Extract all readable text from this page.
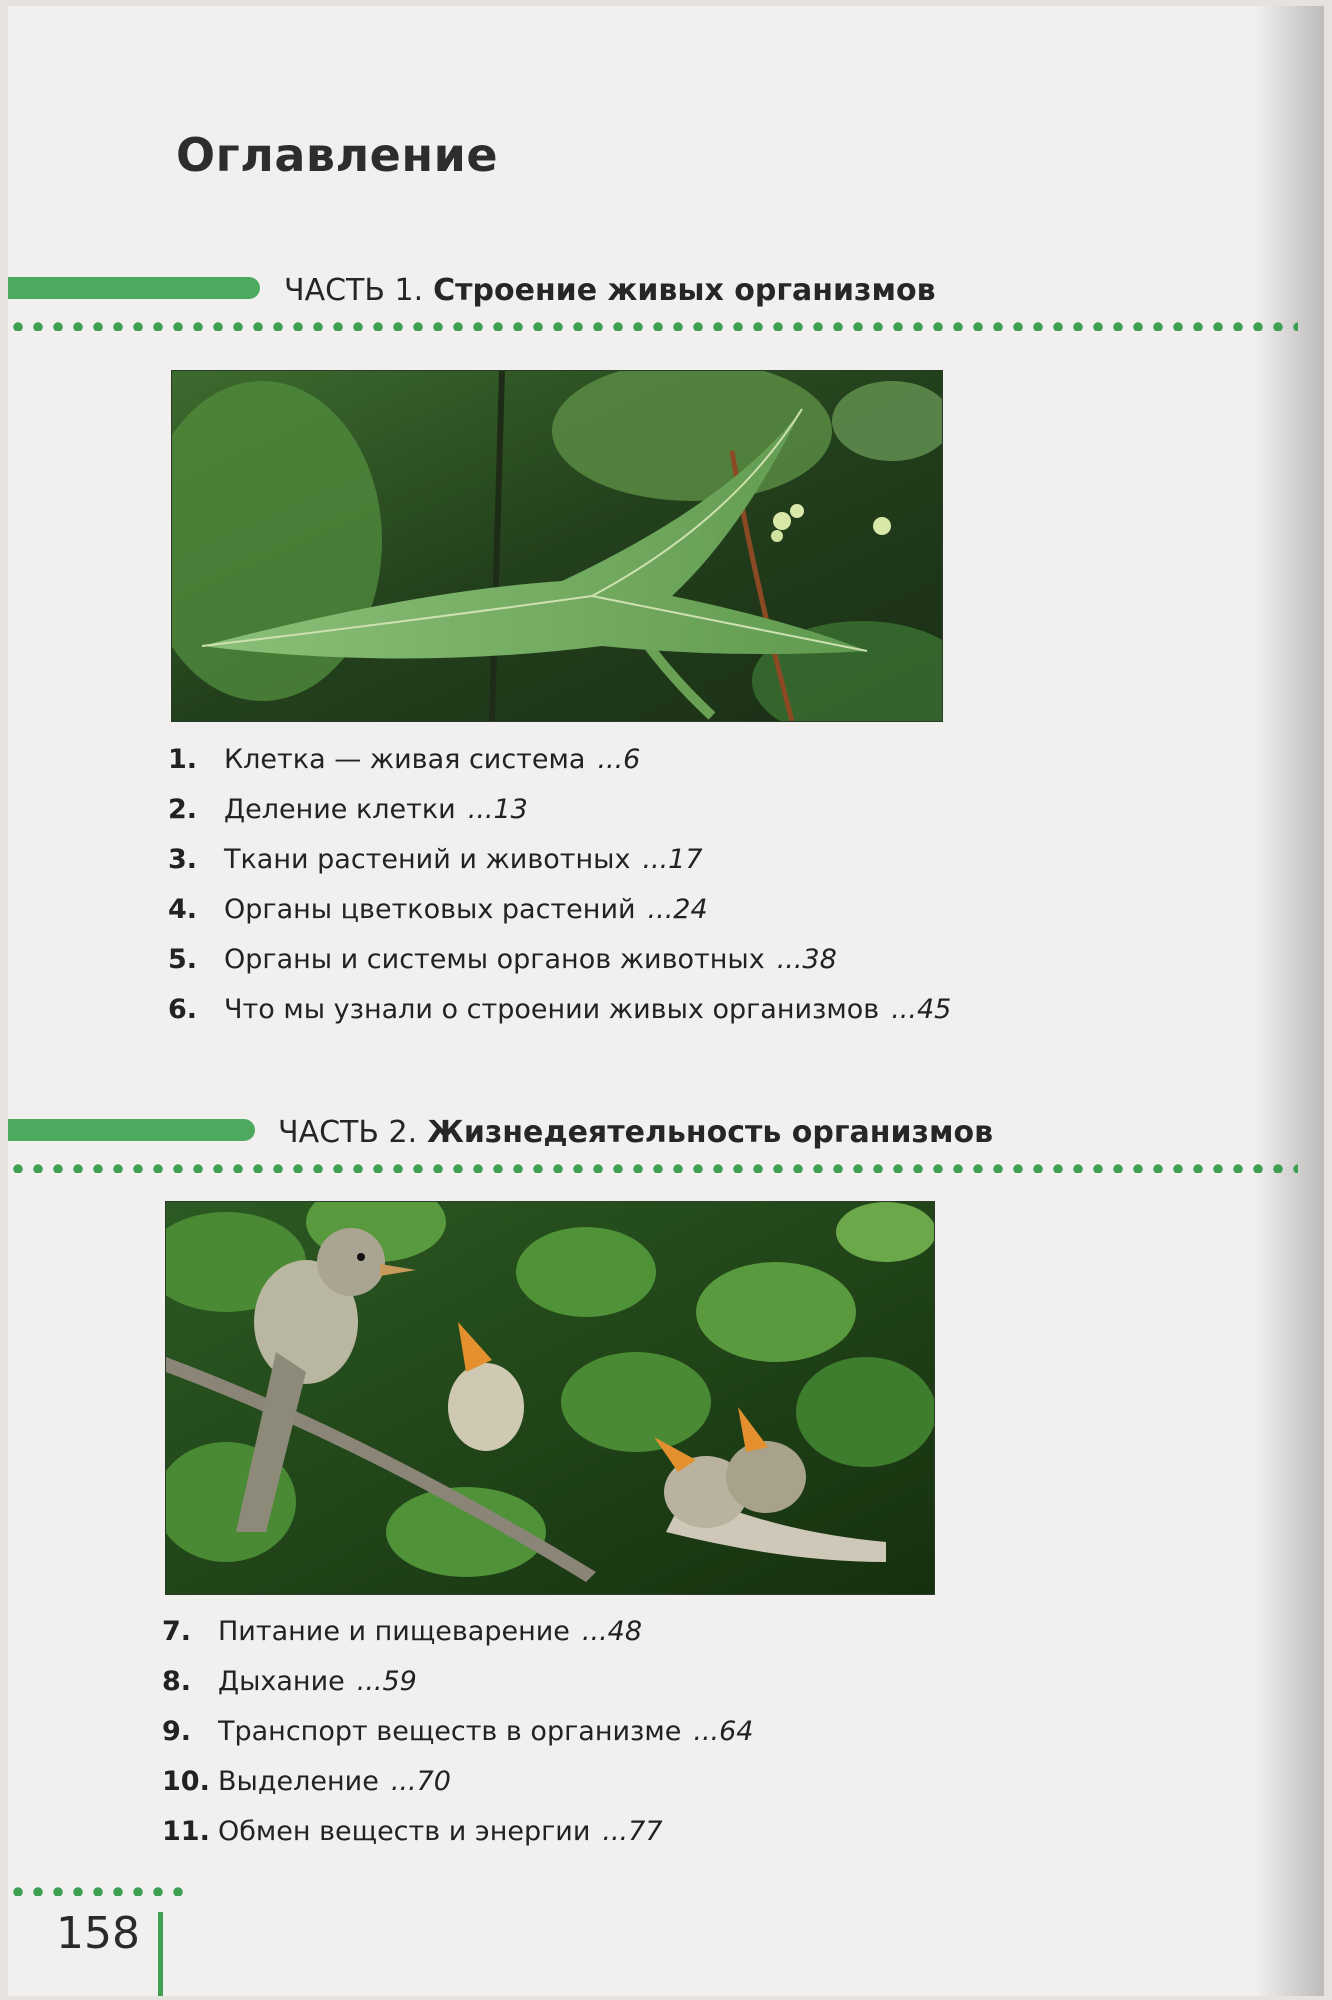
Оглавление
ЧАСТЬ 1. Строение живых организмов
1. Клетка — живая система ...6
2. Деление клетки ...13
3. Ткани растений и животных ...17
4. Органы цветковых растений ...24
5. Органы и системы органов животных ...38
6. Что мы узнали о строении живых организмов ...45
ЧАСТЬ 2. Жизнедеятельность организмов
7. Питание и пищеварение ...48
8. Дыхание ...59
9. Транспорт веществ в организме ...64
10. Выделение ...70
11. Обмен веществ и энергии ...77
158
